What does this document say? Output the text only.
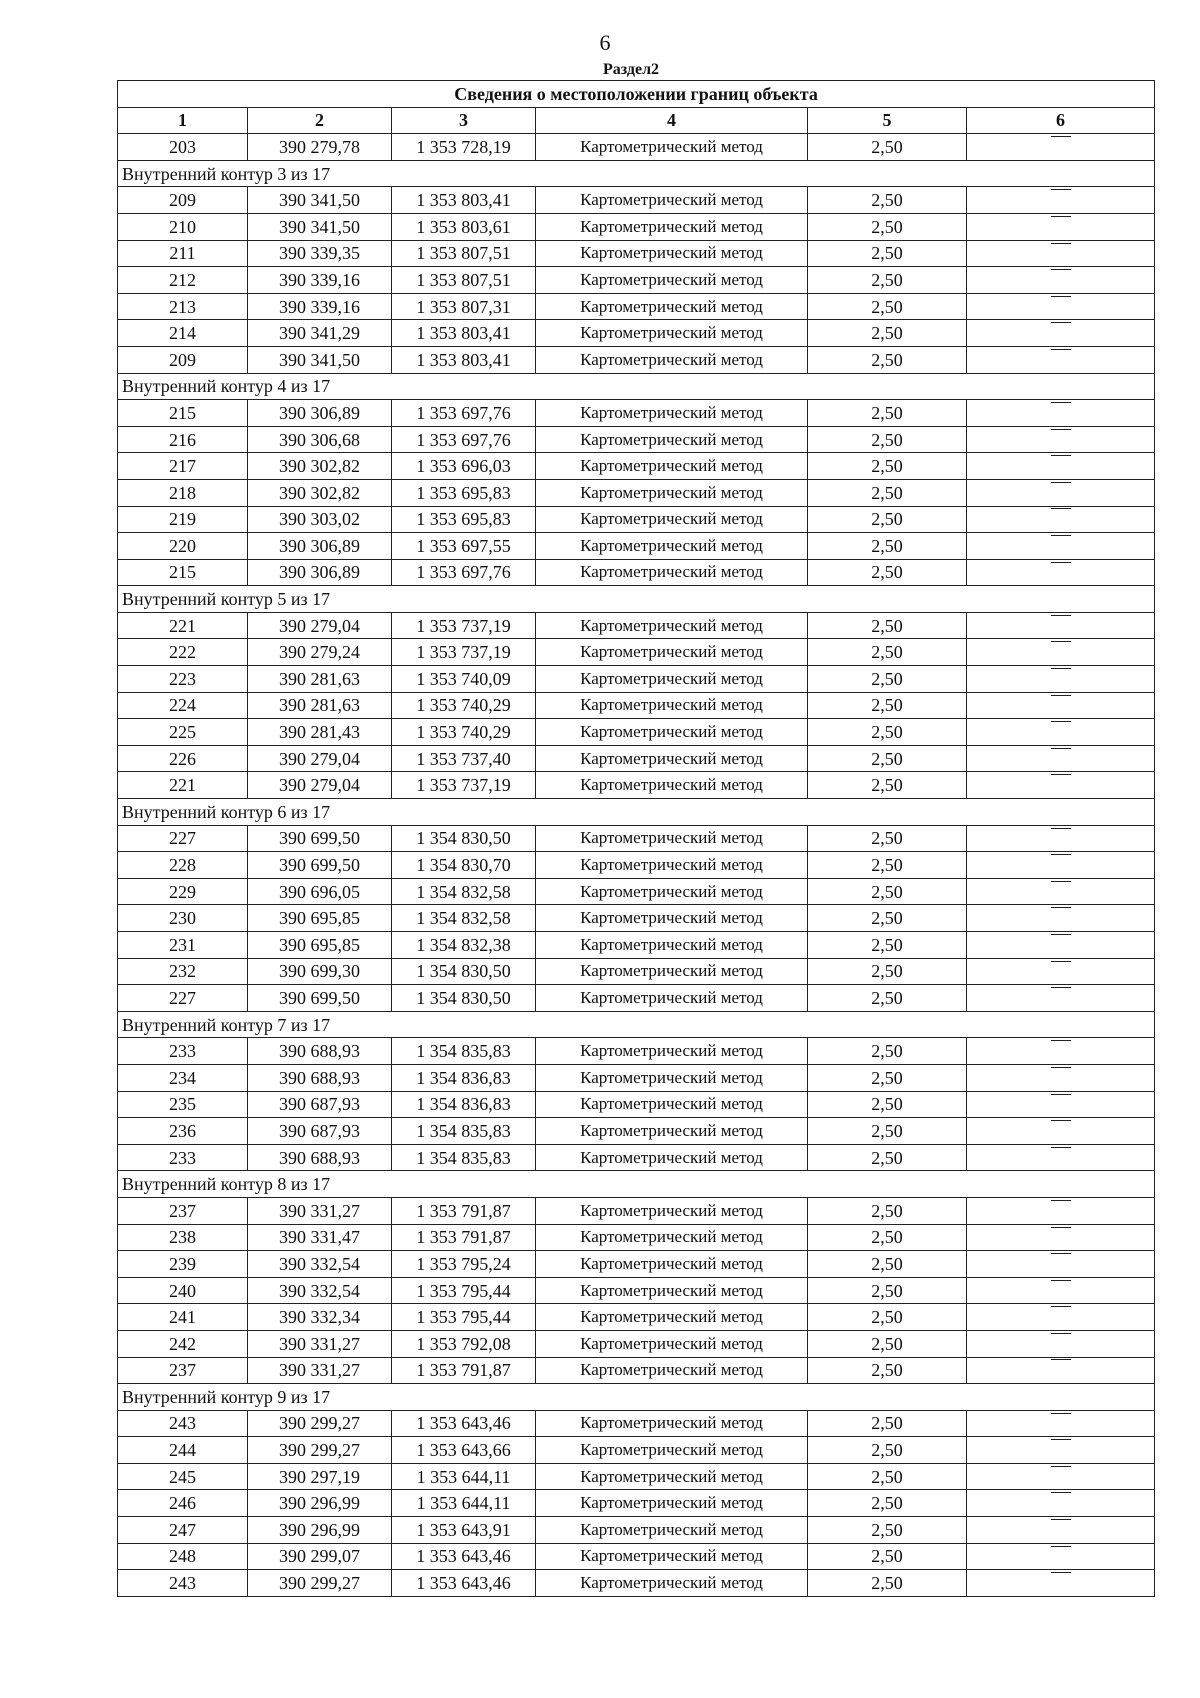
6
Раздел2
Сведения о местоположении границ объекта					
1	2	3	4	5	6
203	390 279,78	1 353 728,19	Картометрический метод	2,50	
Внутренний контур 3 из 17					
209	390 341,50	1 353 803,41	Картометрический метод	2,50	
210	390 341,50	1 353 803,61	Картометрический метод	2,50	
211	390 339,35	1 353 807,51	Картометрический метод	2,50	
212	390 339,16	1 353 807,51	Картометрический метод	2,50	
213	390 339,16	1 353 807,31	Картометрический метод	2,50	
214	390 341,29	1 353 803,41	Картометрический метод	2,50	
209	390 341,50	1 353 803,41	Картометрический метод	2,50	
Внутренний контур 4 из 17					
215	390 306,89	1 353 697,76	Картометрический метод	2,50	
216	390 306,68	1 353 697,76	Картометрический метод	2,50	
217	390 302,82	1 353 696,03	Картометрический метод	2,50	
218	390 302,82	1 353 695,83	Картометрический метод	2,50	
219	390 303,02	1 353 695,83	Картометрический метод	2,50	
220	390 306,89	1 353 697,55	Картометрический метод	2,50	
215	390 306,89	1 353 697,76	Картометрический метод	2,50	
Внутренний контур 5 из 17					
221	390 279,04	1 353 737,19	Картометрический метод	2,50	
222	390 279,24	1 353 737,19	Картометрический метод	2,50	
223	390 281,63	1 353 740,09	Картометрический метод	2,50	
224	390 281,63	1 353 740,29	Картометрический метод	2,50	
225	390 281,43	1 353 740,29	Картометрический метод	2,50	
226	390 279,04	1 353 737,40	Картометрический метод	2,50	
221	390 279,04	1 353 737,19	Картометрический метод	2,50	
Внутренний контур 6 из 17					
227	390 699,50	1 354 830,50	Картометрический метод	2,50	
228	390 699,50	1 354 830,70	Картометрический метод	2,50	
229	390 696,05	1 354 832,58	Картометрический метод	2,50	
230	390 695,85	1 354 832,58	Картометрический метод	2,50	
231	390 695,85	1 354 832,38	Картометрический метод	2,50	
232	390 699,30	1 354 830,50	Картометрический метод	2,50	
227	390 699,50	1 354 830,50	Картометрический метод	2,50	
Внутренний контур 7 из 17					
233	390 688,93	1 354 835,83	Картометрический метод	2,50	
234	390 688,93	1 354 836,83	Картометрический метод	2,50	
235	390 687,93	1 354 836,83	Картометрический метод	2,50	
236	390 687,93	1 354 835,83	Картометрический метод	2,50	
233	390 688,93	1 354 835,83	Картометрический метод	2,50	
Внутренний контур 8 из 17					
237	390 331,27	1 353 791,87	Картометрический метод	2,50	
238	390 331,47	1 353 791,87	Картометрический метод	2,50	
239	390 332,54	1 353 795,24	Картометрический метод	2,50	
240	390 332,54	1 353 795,44	Картометрический метод	2,50	
241	390 332,34	1 353 795,44	Картометрический метод	2,50	
242	390 331,27	1 353 792,08	Картометрический метод	2,50	
237	390 331,27	1 353 791,87	Картометрический метод	2,50	
Внутренний контур 9 из 17					
243	390 299,27	1 353 643,46	Картометрический метод	2,50	
244	390 299,27	1 353 643,66	Картометрический метод	2,50	
245	390 297,19	1 353 644,11	Картометрический метод	2,50	
246	390 296,99	1 353 644,11	Картометрический метод	2,50	
247	390 296,99	1 353 643,91	Картометрический метод	2,50	
248	390 299,07	1 353 643,46	Картометрический метод	2,50	
243	390 299,27	1 353 643,46	Картометрический метод	2,50	
